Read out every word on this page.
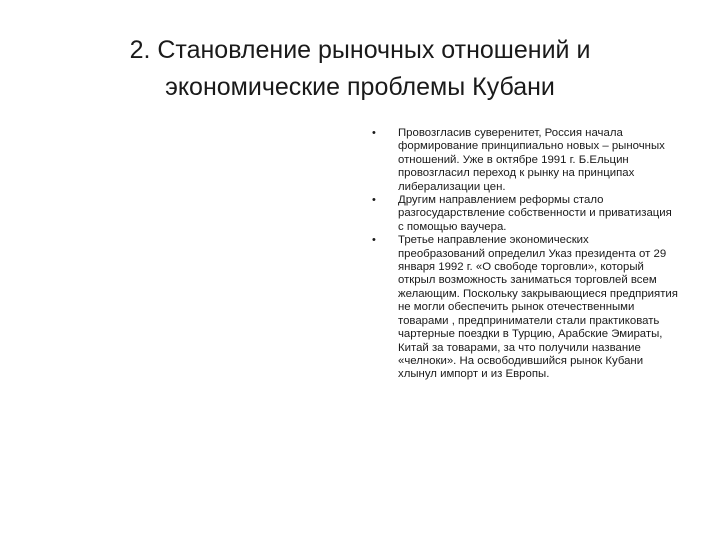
2. Становление рыночных отношений и
экономические проблемы Кубани
• Провозгласив суверенитет, Россия начала формирование принципиально новых – рыночных отношений. Уже в октябре 1991 г. Б.Ельцин провозгласил переход к рынку на принципах либерализации цен.
• Другим направлением реформы стало разгосударствление собственности и приватизация с помощью ваучера.
• Третье направление экономических преобразований определил Указ президента от 29 января 1992 г. «О свободе торговли», который открыл возможность заниматься торговлей всем желающим. Поскольку закрывающиеся предприятия не могли обеспечить рынок отечественными товарами , предприниматели стали практиковать чартерные поездки в Турцию, Арабские Эмираты, Китай за товарами, за что получили название «челноки». На освободившийся рынок Кубани хлынул импорт и из Европы.
